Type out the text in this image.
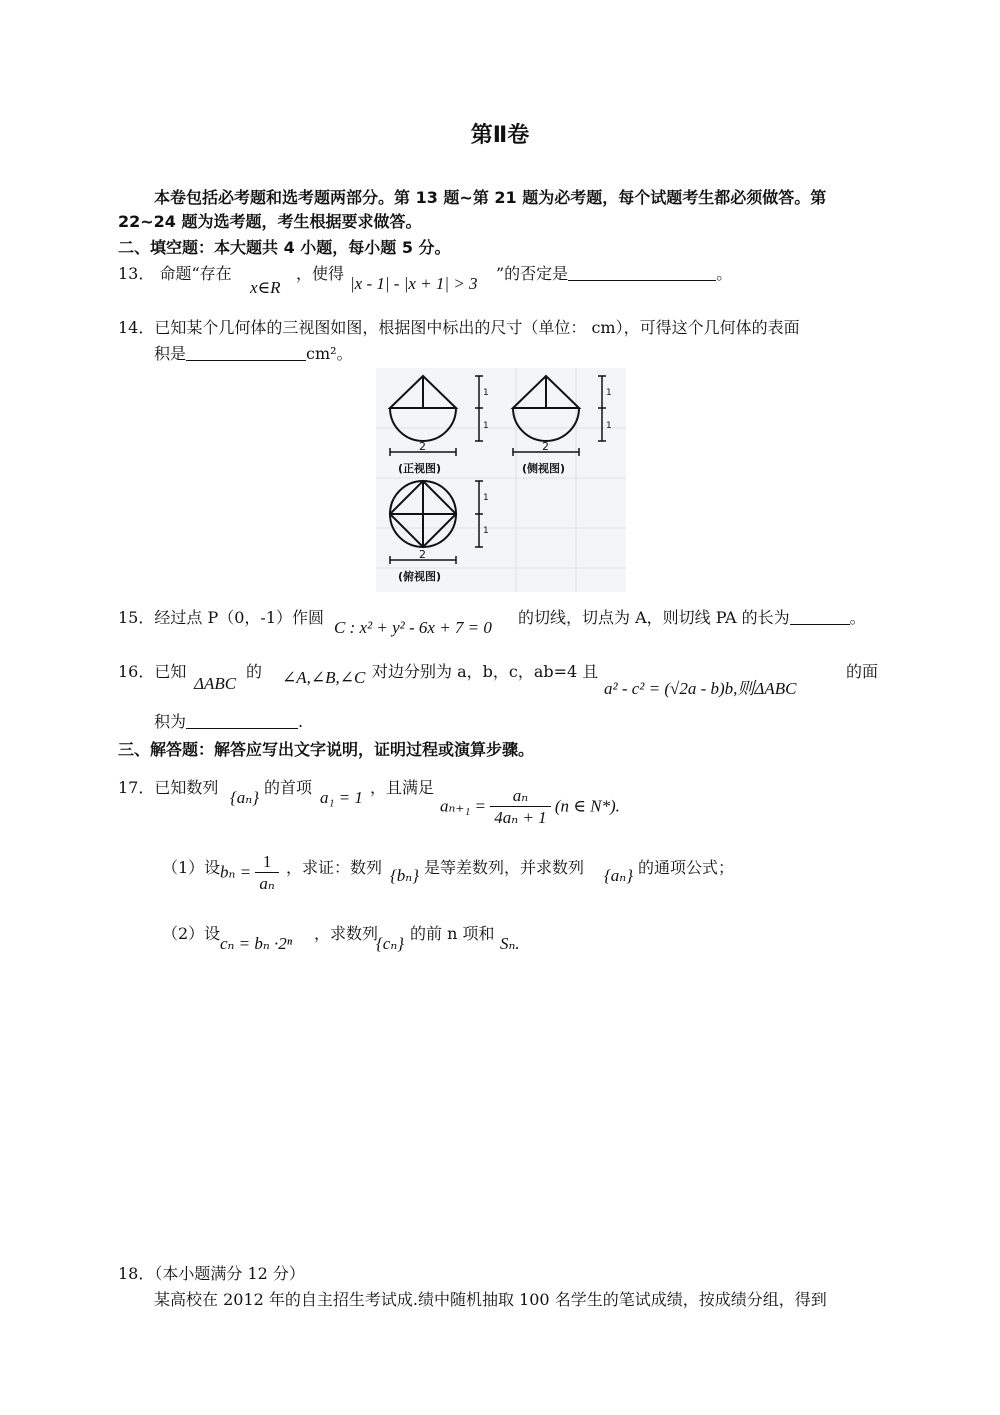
第Ⅱ卷
本卷包括必考题和选考题两部分。第 13 题~第 21 题为必考题，每个试题考生都必须做答。第
22~24 题为选考题，考生根据要求做答。
二、填空题：本大题共 4 小题，每小题 5 分。
13． 命题“存在
x∈R
，使得
|x - 1| - |x + 1| > 3
”的否定是	。
14．已知某个几何体的三视图如图，根据图中标出的尺寸（单位： cm），可得这个几何体的表面
积是	cm²。
2	2
2
1
1
1
1
1
1
(正视图)	(侧视图)
(俯视图)
15．经过点 P（0，-1）作圆
C : x² + y² - 6x + 7 = 0
的切线，切点为 A，则切线 PA 的长为	。
16．已知
ΔABC
的 ∠A,∠B,∠C 对边分别为 a，b，c，ab=4 且
a² - c² = (√2a - b)b,则ΔABC
的面
积为	.
三、解答题：解答应写出文字说明，证明过程或演算步骤。
17．已知数列
{aₙ}
的首项
a₁ = 1
，且满足
$a_{n+1} = \frac{\text{aₙ}}{\text{4aₙ + 1}} (n$ ∈ N*).
（1）设 $b_n = \frac{1}{\text{aₙ}}$ ，求证：数列 {bₙ} 是等差数列，并求数列 {aₙ} 的通项公式；
（2）设
cₙ = bₙ ·2ⁿ
，求数列
{cₙ}
的前 n 项和
Sₙ.
18．（本小题满分 12 分）
某高校在 2012 年的自主招生考试成.绩中随机抽取 100 名学生的笔试成绩，按成绩分组，得到
